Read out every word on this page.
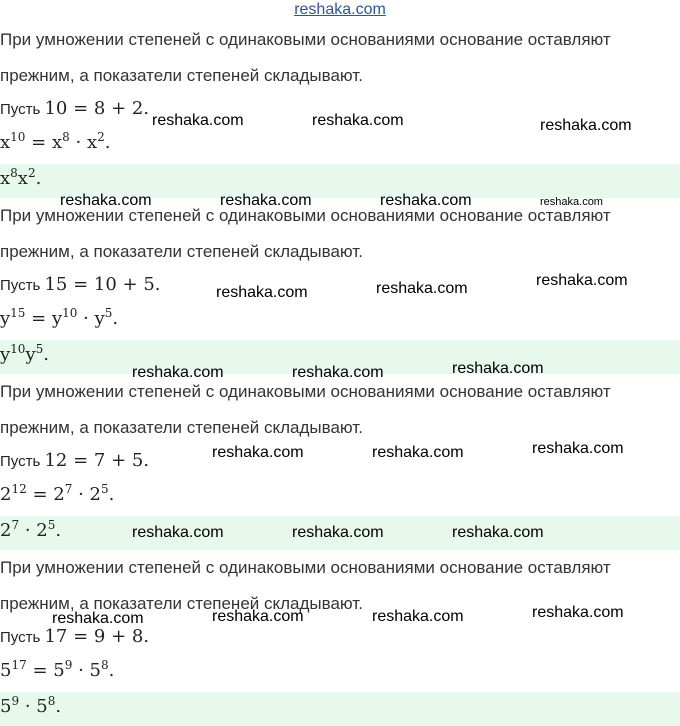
reshaka.com
При умножении степеней с одинаковыми основаниями основание оставляют
прежним, а показатели степеней складывают.
Пусть 10 = 8 + 2.
$x^{10} = x^8 \cdot x^2$.
$x^8x^2$.
При умножении степеней с одинаковыми основаниями основание оставляют
прежним, а показатели степеней складывают.
Пусть 15 = 10 + 5.
$y^{15} = y^{10} \cdot y^5$.
$y^{10}y^5$.
При умножении степеней с одинаковыми основаниями основание оставляют
прежним, а показатели степеней складывают.
Пусть 12 = 7 + 5.
$2^{12} = 2^7 \cdot 2^5$.
$2^7 \cdot 2^5$.
При умножении степеней с одинаковыми основаниями основание оставляют
прежним, а показатели степеней складывают.
Пусть 17 = 9 + 8.
$5^{17} = 5^9 \cdot 5^8$.
$5^9 \cdot 5^8$.
reshaka.com	reshaka.com	reshaka.com
reshaka.com	reshaka.com	reshaka.com	reshaka.com
reshaka.com	reshaka.com	reshaka.com
reshaka.com	reshaka.com	reshaka.com
reshaka.com	reshaka.com	reshaka.com
reshaka.com	reshaka.com	reshaka.com
reshaka.com	reshaka.com	reshaka.com
reshaka.com
